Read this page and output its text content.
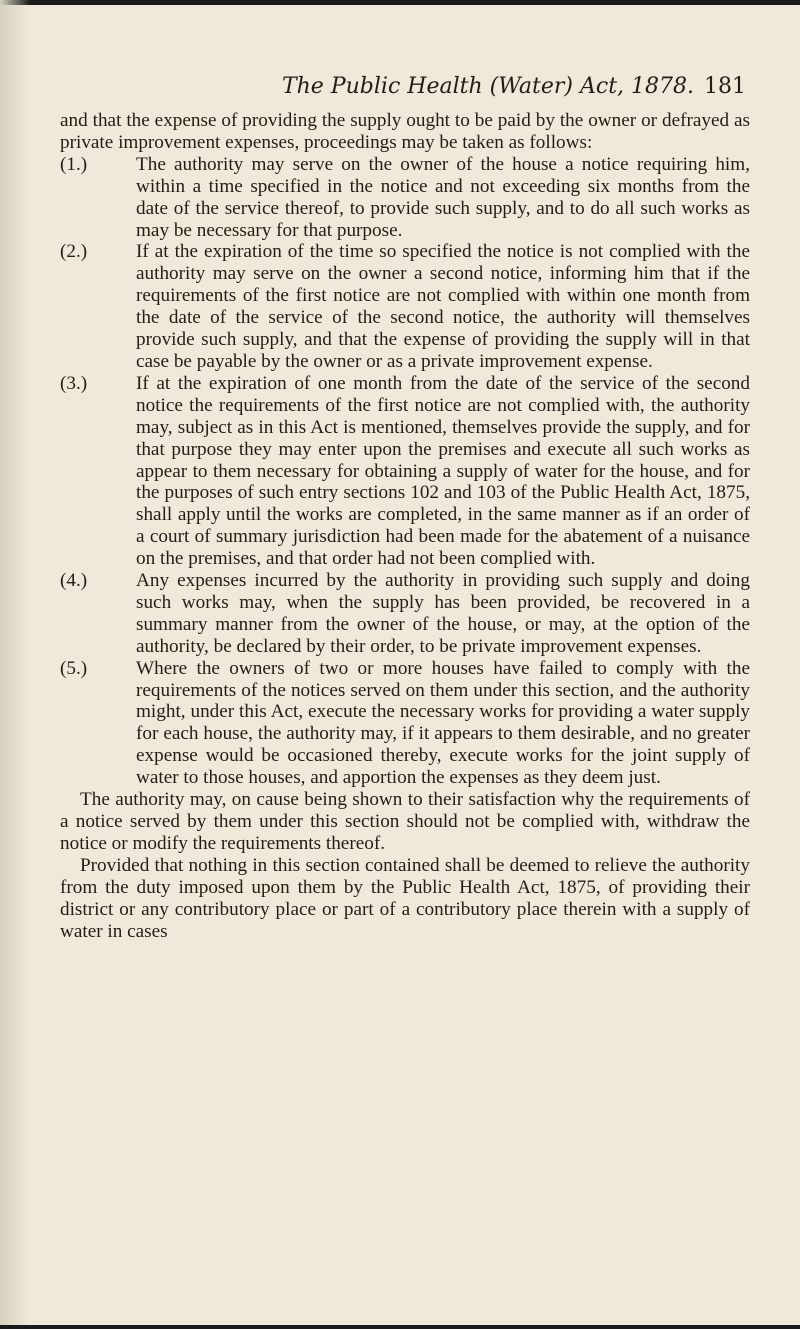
The Public Health (Water) Act, 1878. 181

and that the expense of providing the supply ought to be paid by the owner or defrayed as private improvement expenses, proceedings may be taken as follows:

(1.)	The authority may serve on the owner of the house a notice requiring him, within a time specified in the notice and not exceeding six months from the date of the service thereof, to provide such supply, and to do all such works as may be necessary for that purpose.

(2.)	If at the expiration of the time so specified the notice is not complied with the authority may serve on the owner a second notice, informing him that if the requirements of the first notice are not complied with within one month from the date of the service of the second notice, the authority will themselves provide such supply, and that the expense of providing the supply will in that case be payable by the owner or as a private improvement expense.

(3.)	If at the expiration of one month from the date of the service of the second notice the requirements of the first notice are not complied with, the authority may, subject as in this Act is mentioned, themselves provide the supply, and for that purpose they may enter upon the premises and execute all such works as appear to them necessary for obtaining a supply of water for the house, and for the purposes of such entry sections 102 and 103 of the Public Health Act, 1875, shall apply until the works are completed, in the same manner as if an order of a court of summary jurisdiction had been made for the abatement of a nuisance on the premises, and that order had not been complied with.

(4.)	Any expenses incurred by the authority in providing such supply and doing such works may, when the supply has been provided, be recovered in a summary manner from the owner of the house, or may, at the option of the authority, be declared by their order, to be private improvement expenses.

(5.)	Where the owners of two or more houses have failed to comply with the requirements of the notices served on them under this section, and the authority might, under this Act, execute the necessary works for providing a water supply for each house, the authority may, if it appears to them desirable, and no greater expense would be occasioned thereby, execute works for the joint supply of water to those houses, and apportion the expenses as they deem just.

The authority may, on cause being shown to their satisfaction why the requirements of a notice served by them under this section should not be complied with, withdraw the notice or modify the requirements thereof.

Provided that nothing in this section contained shall be deemed to relieve the authority from the duty imposed upon them by the Public Health Act, 1875, of providing their district or any contributory place or part of a contributory place therein with a supply of water in cases
